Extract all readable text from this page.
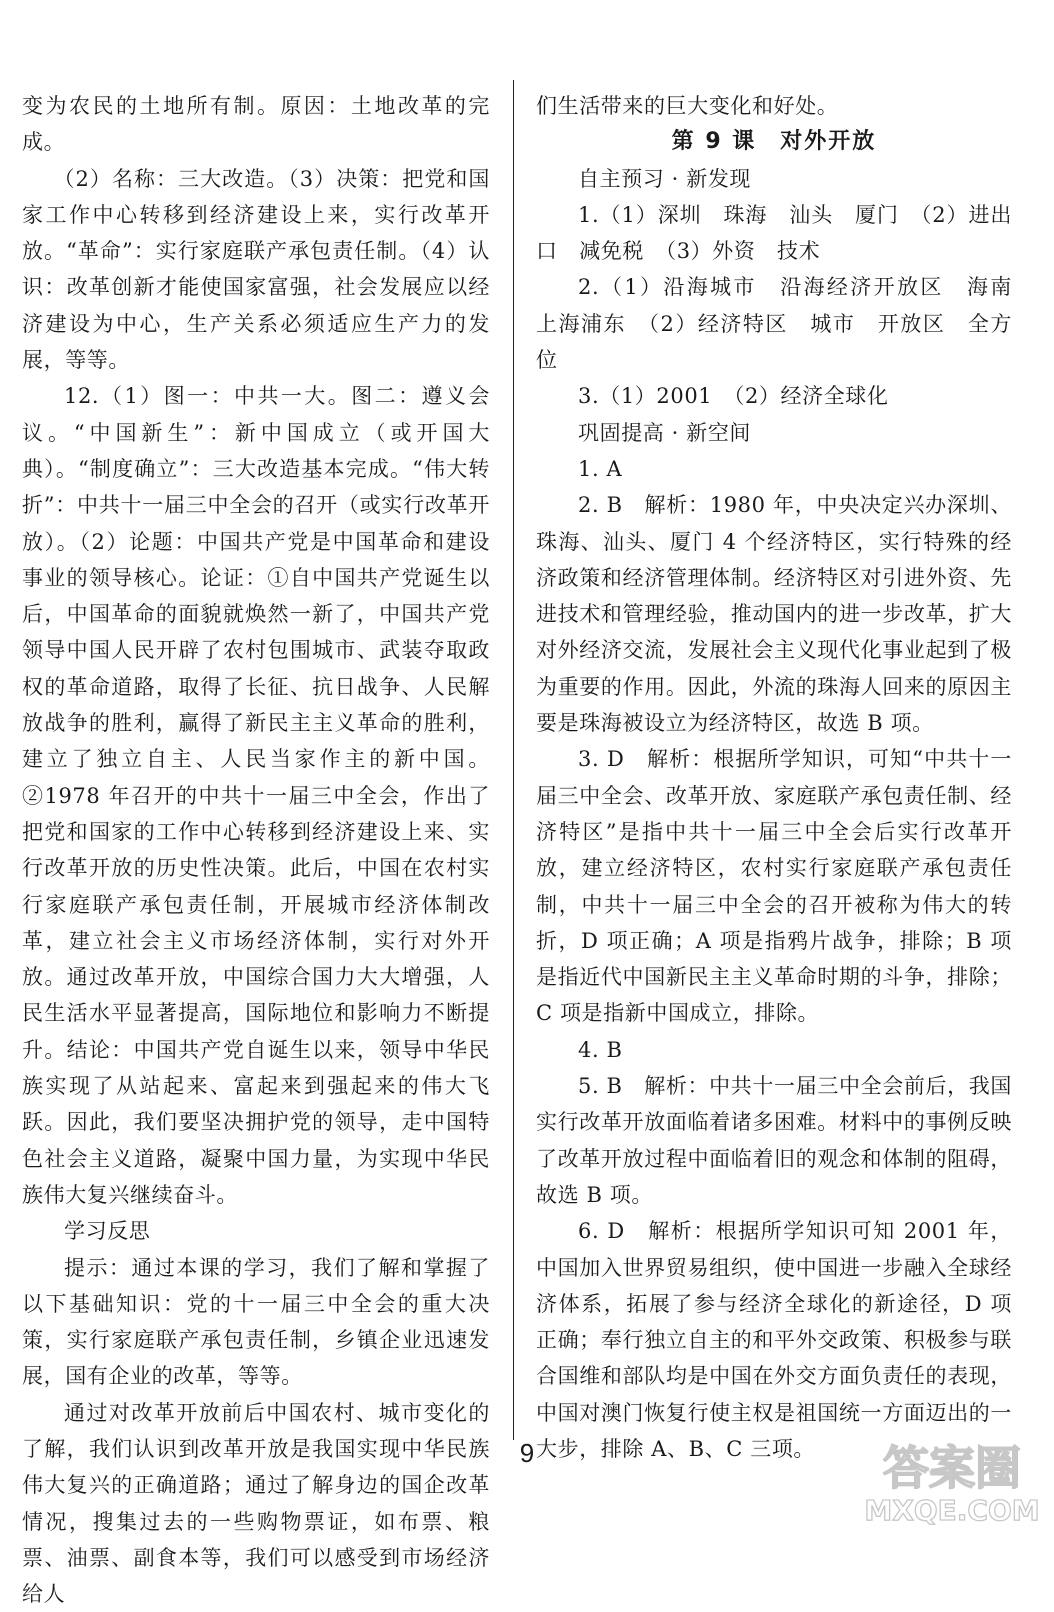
变为农民的土地所有制。原因：土地改革的完成。

（2）名称：三大改造。（3）决策：把党和国家工作中心转移到经济建设上来，实行改革开放。“革命”：实行家庭联产承包责任制。（4）认识：改革创新才能使国家富强，社会发展应以经济建设为中心，生产关系必须适应生产力的发展，等等。

12.（1）图一：中共一大。图二：遵义会议。“中国新生”：新中国成立（或开国大典）。“制度确立”：三大改造基本完成。“伟大转折”：中共十一届三中全会的召开（或实行改革开放）。（2）论题：中国共产党是中国革命和建设事业的领导核心。论证：①自中国共产党诞生以后，中国革命的面貌就焕然一新了，中国共产党领导中国人民开辟了农村包围城市、武装夺取政权的革命道路，取得了长征、抗日战争、人民解放战争的胜利，赢得了新民主主义革命的胜利，建立了独立自主、人民当家作主的新中国。②1978 年召开的中共十一届三中全会，作出了把党和国家的工作中心转移到经济建设上来、实行改革开放的历史性决策。此后，中国在农村实行家庭联产承包责任制，开展城市经济体制改革，建立社会主义市场经济体制，实行对外开放。通过改革开放，中国综合国力大大增强，人民生活水平显著提高，国际地位和影响力不断提升。结论：中国共产党自诞生以来，领导中华民族实现了从站起来、富起来到强起来的伟大飞跃。因此，我们要坚决拥护党的领导，走中国特色社会主义道路，凝聚中国力量，为实现中华民族伟大复兴继续奋斗。

学习反思

提示：通过本课的学习，我们了解和掌握了以下基础知识：党的十一届三中全会的重大决策，实行家庭联产承包责任制，乡镇企业迅速发展，国有企业的改革，等等。

通过对改革开放前后中国农村、城市变化的了解，我们认识到改革开放是我国实现中华民族伟大复兴的正确道路；通过了解身边的国企改革情况，搜集过去的一些购物票证，如布票、粮票、油票、副食本等，我们可以感受到市场经济给人

们生活带来的巨大变化和好处。

第 9 课　对外开放

自主预习 · 新发现

1.（1）深圳　珠海　汕头　厦门　（2）进出口　减免税　（3）外资　技术

2.（1）沿海城市　沿海经济开放区　海南　上海浦东　（2）经济特区　城市　开放区　全方位

3.（1）2001　（2）经济全球化

巩固提高 · 新空间

1. A

2. B　解析：1980 年，中央决定兴办深圳、珠海、汕头、厦门 4 个经济特区，实行特殊的经济政策和经济管理体制。经济特区对引进外资、先进技术和管理经验，推动国内的进一步改革，扩大对外经济交流，发展社会主义现代化事业起到了极为重要的作用。因此，外流的珠海人回来的原因主要是珠海被设立为经济特区，故选 B 项。

3. D　解析：根据所学知识，可知“中共十一届三中全会、改革开放、家庭联产承包责任制、经济特区”是指中共十一届三中全会后实行改革开放，建立经济特区，农村实行家庭联产承包责任制，中共十一届三中全会的召开被称为伟大的转折，D 项正确；A 项是指鸦片战争，排除；B 项是指近代中国新民主主义革命时期的斗争，排除；C 项是指新中国成立，排除。

4. B

5. B　解析：中共十一届三中全会前后，我国实行改革开放面临着诸多困难。材料中的事例反映了改革开放过程中面临着旧的观念和体制的阻碍，故选 B 项。

6. D　解析：根据所学知识可知 2001 年，中国加入世界贸易组织，使中国进一步融入全球经济体系，拓展了参与经济全球化的新途径，D 项正确；奉行独立自主的和平外交政策、积极参与联合国维和部队均是中国在外交方面负责任的表现，中国对澳门恢复行使主权是祖国统一方面迈出的一大步，排除 A、B、C 三项。

9	答案圈
MXQE.COM
